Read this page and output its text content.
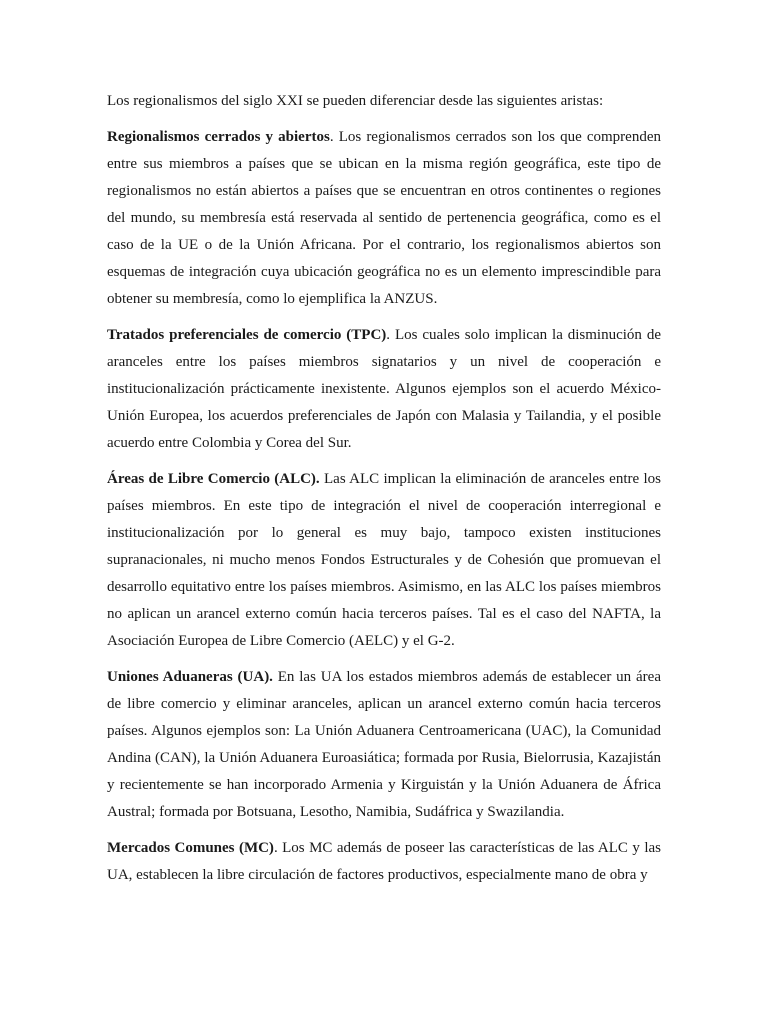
Los regionalismos del siglo XXI se pueden diferenciar desde las siguientes aristas:

Regionalismos cerrados y abiertos. Los regionalismos cerrados son los que comprenden entre sus miembros a países que se ubican en la misma región geográfica, este tipo de regionalismos no están abiertos a países que se encuentran en otros continentes o regiones del mundo, su membresía está reservada al sentido de pertenencia geográfica, como es el caso de la UE o de la Unión Africana. Por el contrario, los regionalismos abiertos son esquemas de integración cuya ubicación geográfica no es un elemento imprescindible para obtener su membresía, como lo ejemplifica la ANZUS.

Tratados preferenciales de comercio (TPC). Los cuales solo implican la disminución de aranceles entre los países miembros signatarios y un nivel de cooperación e institucionalización prácticamente inexistente. Algunos ejemplos son el acuerdo México-Unión Europea, los acuerdos preferenciales de Japón con Malasia y Tailandia, y el posible acuerdo entre Colombia y Corea del Sur.

Áreas de Libre Comercio (ALC). Las ALC implican la eliminación de aranceles entre los países miembros. En este tipo de integración el nivel de cooperación interregional e institucionalización por lo general es muy bajo, tampoco existen instituciones supranacionales, ni mucho menos Fondos Estructurales y de Cohesión que promuevan el desarrollo equitativo entre los países miembros. Asimismo, en las ALC los países miembros no aplican un arancel externo común hacia terceros países. Tal es el caso del NAFTA, la Asociación Europea de Libre Comercio (AELC) y el G-2.

Uniones Aduaneras (UA). En las UA los estados miembros además de establecer un área de libre comercio y eliminar aranceles, aplican un arancel externo común hacia terceros países. Algunos ejemplos son: La Unión Aduanera Centroamericana (UAC), la Comunidad Andina (CAN), la Unión Aduanera Euroasiática; formada por Rusia, Bielorrusia, Kazajistán y recientemente se han incorporado Armenia y Kirguistán y la Unión Aduanera de África Austral; formada por Botsuana, Lesotho, Namibia, Sudáfrica y Swazilandia.

Mercados Comunes (MC). Los MC además de poseer las características de las ALC y las UA, establecen la libre circulación de factores productivos, especialmente mano de obra y
